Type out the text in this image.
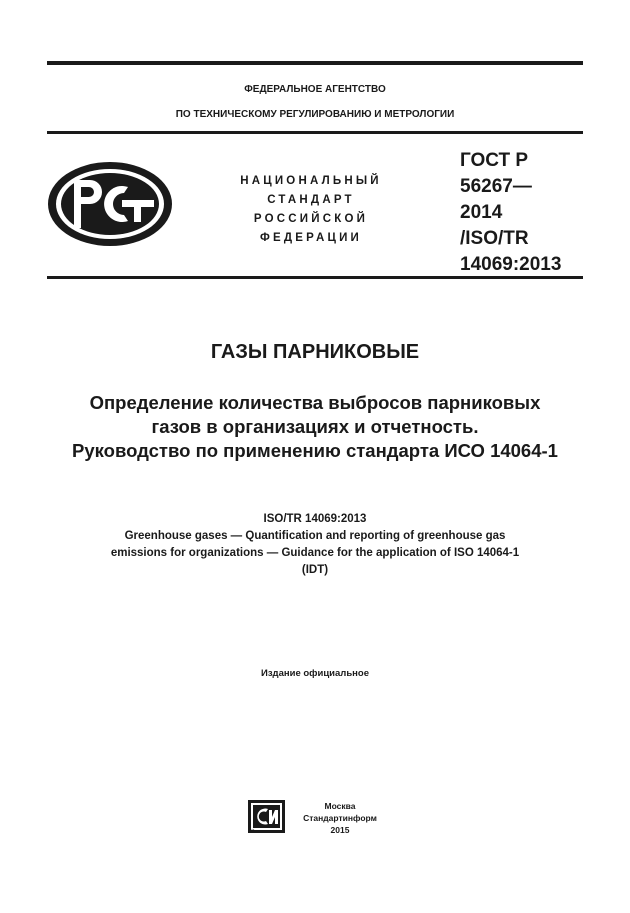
ФЕДЕРАЛЬНОЕ АГЕНТСТВО
ПО ТЕХНИЧЕСКОМУ РЕГУЛИРОВАНИЮ И МЕТРОЛОГИИ
НАЦИОНАЛЬНЫЙ
СТАНДАРТ
РОССИЙСКОЙ
ФЕДЕРАЦИИ
ГОСТ Р
56267—
2014
/ISO/TR
14069:2013
ГАЗЫ ПАРНИКОВЫЕ
Определение количества выбросов парниковых
газов в организациях и отчетность.
Руководство по применению стандарта ИСО 14064-1
ISO/TR 14069:2013
Greenhouse gases — Quantification and reporting of greenhouse gas
emissions for organizations — Guidance for the application of ISO 14064-1
(IDT)
Издание официальное
СИ
Москва
Стандартинформ
2015
